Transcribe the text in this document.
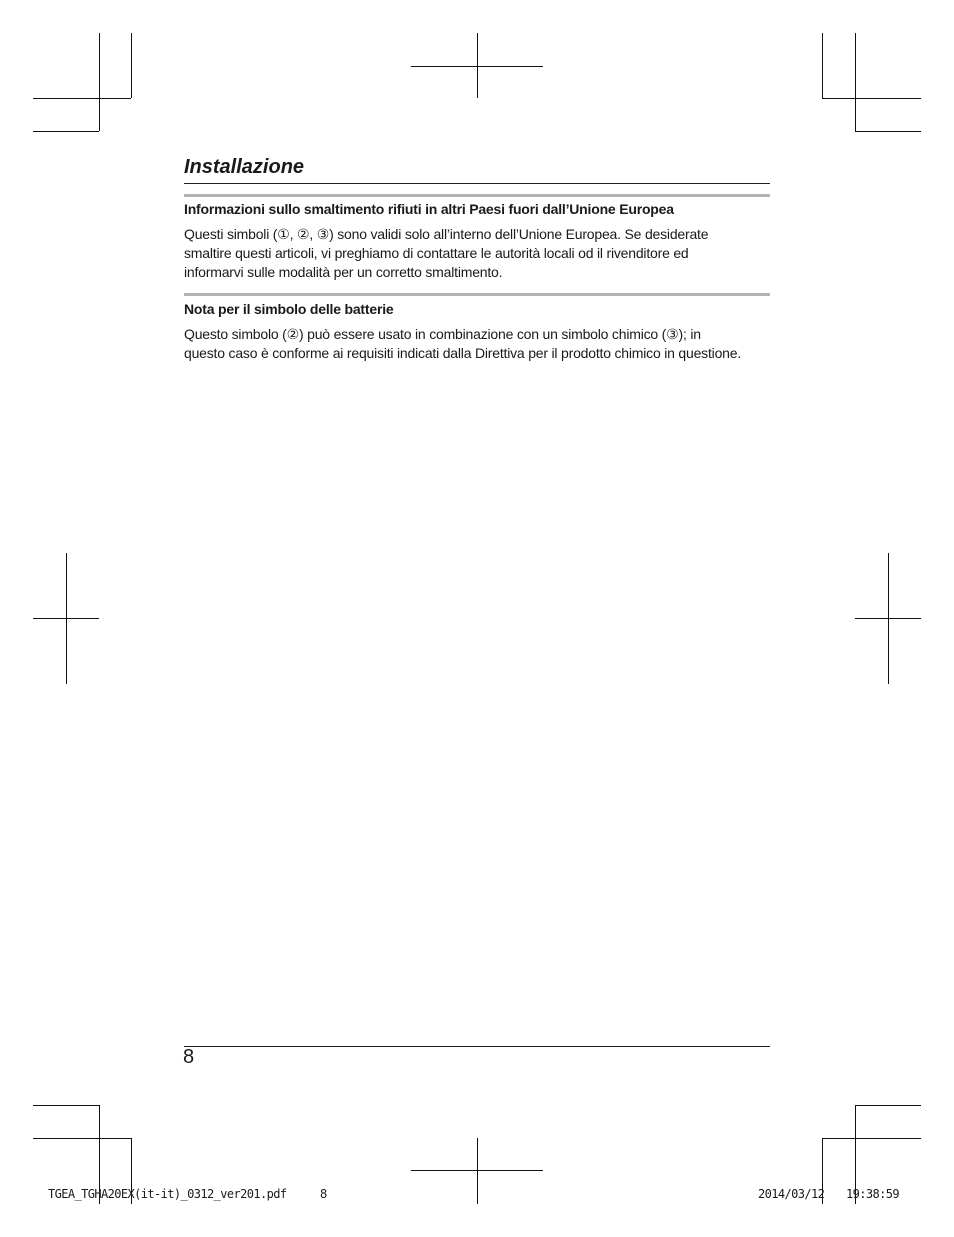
Installazione
Informazioni sullo smaltimento rifiuti in altri Paesi fuori dall’Unione Europea
Questi simboli (①, ②, ③) sono validi solo all’interno dell’Unione Europea. Se desiderate
smaltire questi articoli, vi preghiamo di contattare le autorità locali od il rivenditore ed
informarvi sulle modalità per un corretto smaltimento.
Nota per il simbolo delle batterie
Questo simbolo (②) può essere usato in combinazione con un simbolo chimico (③); in
questo caso è conforme ai requisiti indicati dalla Direttiva per il prodotto chimico in questione.
8
TGEA_TGHA20EX(it-it)_0312_ver201.pdf	8	2014/03/12 19:38:59
